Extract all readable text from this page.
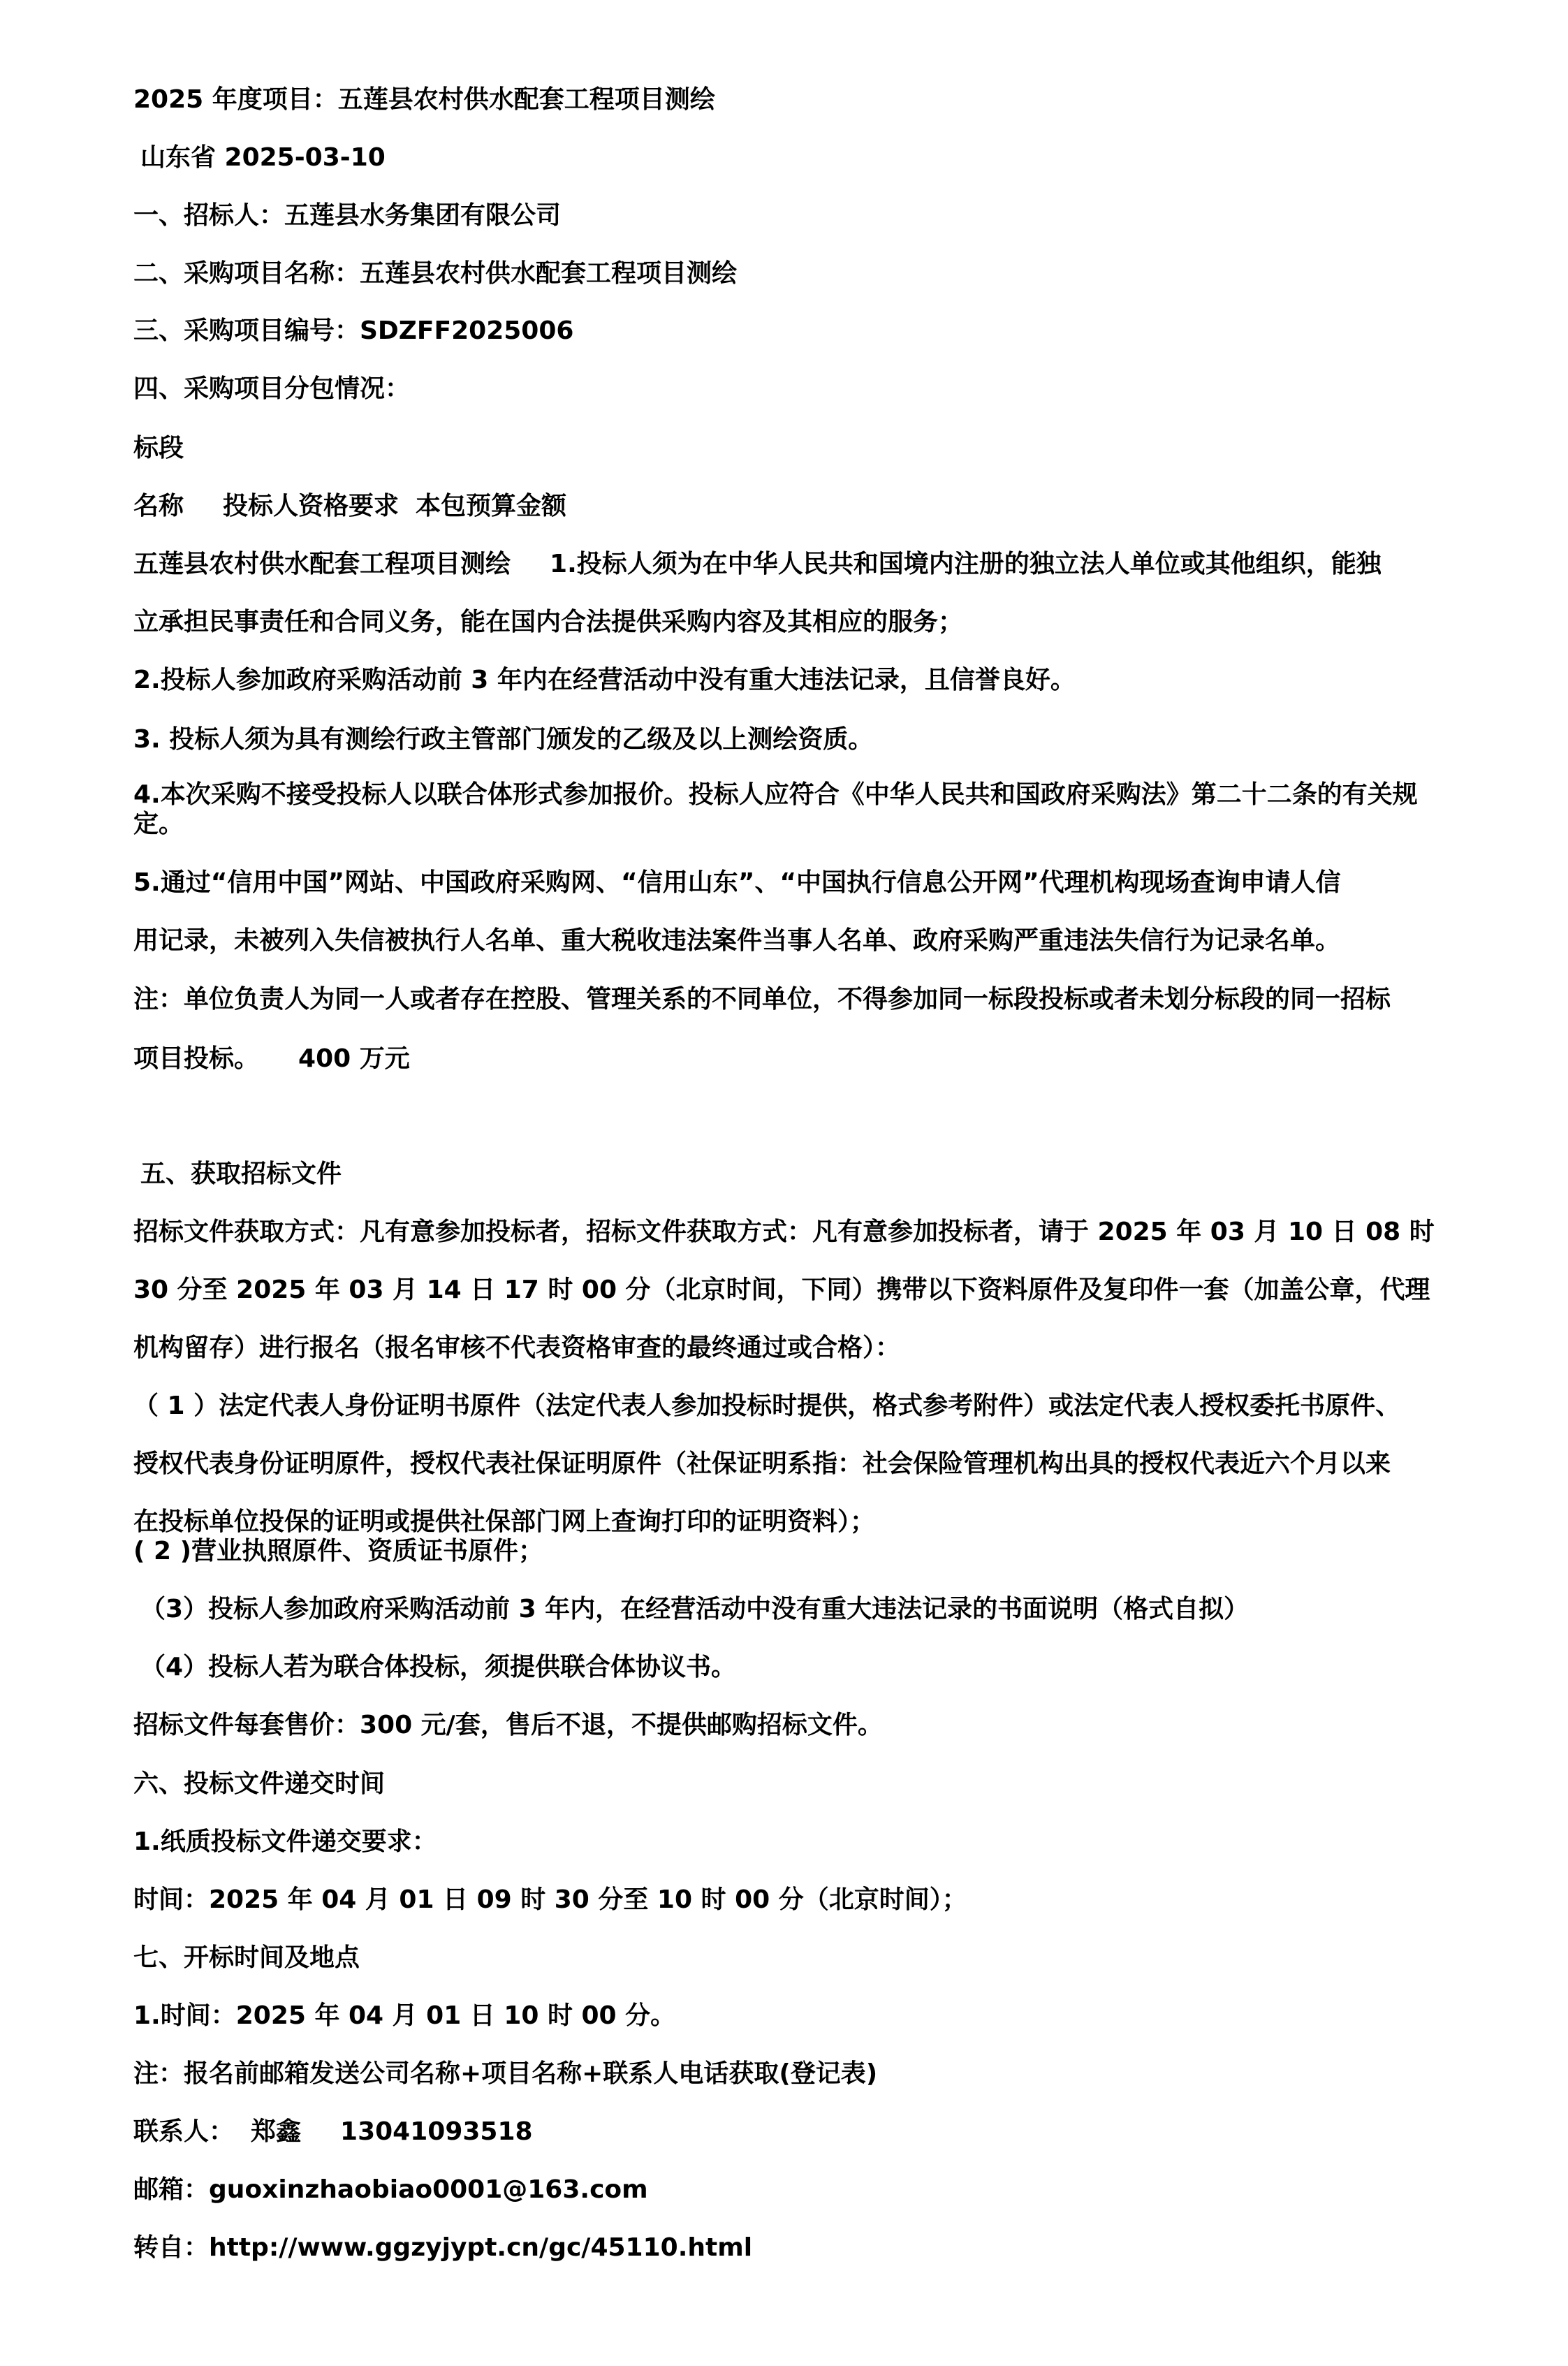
2025 年度项目：五莲县农村供水配套工程项目测绘
山东省 2025-03-10
一、招标人：五莲县水务集团有限公司
二、采购项目名称：五莲县农村供水配套工程项目测绘
三、采购项目编号：SDZFF2025006
四、采购项目分包情况：
标段
名称 投标人资格要求 本包预算金额
五莲县农村供水配套工程项目测绘 1.投标人须为在中华人民共和国境内注册的独立法人单位或其他组织，能独
立承担民事责任和合同义务，能在国内合法提供采购内容及其相应的服务；
2.投标人参加政府采购活动前 3 年内在经营活动中没有重大违法记录，且信誉良好。
3. 投标人须为具有测绘行政主管部门颁发的乙级及以上测绘资质。
4.本次采购不接受投标人以联合体形式参加报价。投标人应符合《中华人民共和国政府采购法》第二十二条的有关规定。
5.通过“信用中国”网站、中国政府采购网、“信用山东”、“中国执行信息公开网”代理机构现场查询申请人信
用记录，未被列入失信被执行人名单、重大税收违法案件当事人名单、政府采购严重违法失信行为记录名单。
注：单位负责人为同一人或者存在控股、管理关系的不同单位，不得参加同一标段投标或者未划分标段的同一招标
项目投标。 400 万元
五、获取招标文件
招标文件获取方式：凡有意参加投标者，招标文件获取方式：凡有意参加投标者，请于 2025 年 03 月 10 日 08 时
30 分至 2025 年 03 月 14 日 17 时 00 分（北京时间，下同）携带以下资料原件及复印件一套（加盖公章，代理
机构留存）进行报名（报名审核不代表资格审查的最终通过或合格）：
（ 1 ）法定代表人身份证明书原件（法定代表人参加投标时提供，格式参考附件）或法定代表人授权委托书原件、
授权代表身份证明原件，授权代表社保证明原件（社保证明系指：社会保险管理机构出具的授权代表近六个月以来
在投标单位投保的证明或提供社保部门网上查询打印的证明资料）；
( 2 )营业执照原件、资质证书原件；
（3）投标人参加政府采购活动前 3 年内，在经营活动中没有重大违法记录的书面说明（格式自拟）
（4）投标人若为联合体投标，须提供联合体协议书。
招标文件每套售价：300 元/套，售后不退，不提供邮购招标文件。
六、投标文件递交时间
1.纸质投标文件递交要求：
时间：2025 年 04 月 01 日 09 时 30 分至 10 时 00 分（北京时间）；
七、开标时间及地点
1.时间：2025 年 04 月 01 日 10 时 00 分。
注：报名前邮箱发送公司名称+项目名称+联系人电话获取(登记表)
联系人： 郑鑫 13041093518
邮箱：guoxinzhaobiao0001@163.com
转自：http://www.ggzyjypt.cn/gc/45110.html
